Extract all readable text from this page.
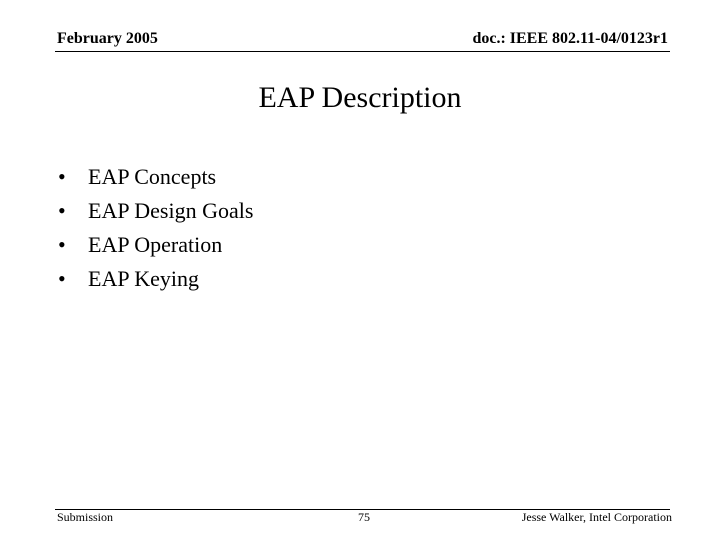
February 2005	doc.: IEEE 802.11-04/0123r1
EAP Description
•	EAP Concepts
•	EAP Design Goals
•	EAP Operation
•	EAP Keying
Submission	75	Jesse Walker, Intel Corporation
